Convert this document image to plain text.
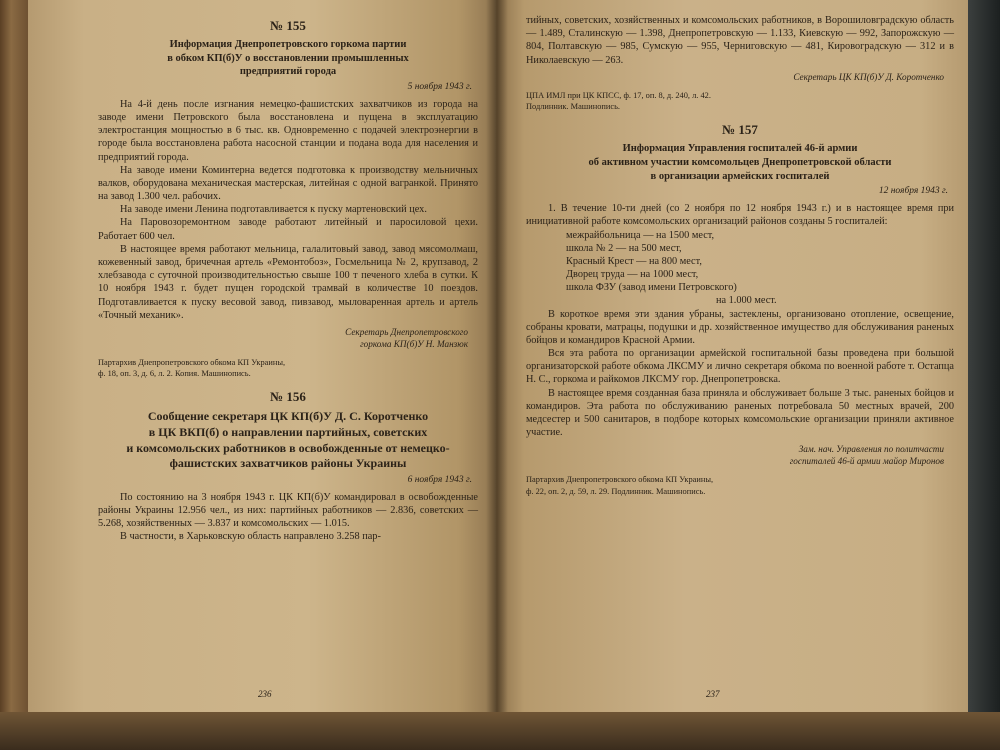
№ 155
Информация Днепропетровского горкома партии
в обком КП(б)У о восстановлении промышленных
предприятий города
5 ноября 1943 г.

На 4-й день после изгнания немецко-фашистских захватчиков из города на заводе имени Петровского была восстановлена и пущена в эксплуатацию электростанция мощностью в 6 тыс. кв. Одновременно с подачей электроэнергии в городе была восстановлена работа насосной станции и подана вода для населения и предприятий города.

На заводе имени Коминтерна ведется подготовка к производству мельничных валков, оборудована механическая мастерская, литейная с одной вагранкой. Принято на завод 1.300 чел. рабочих.

На заводе имени Ленина подготавливается к пуску мартеновский цех.

На Паровозоремонтном заводе работают литейный и паросиловой цехи. Работает 600 чел.

В настоящее время работают мельница, галалитовый завод, завод мясомолмаш, кожевенный завод, бричечная артель «Ремонтобоз», Госмельница № 2, крупзавод, 2 хлебзавода с суточной производительностью свыше 100 т печеного хлеба в сутки. К 10 ноября 1943 г. будет пущен городской трамвай в количестве 10 поездов. Подготавливается к пуску весовой завод, пивзавод, мыловаренная артель и артель «Точный механик».

Секретарь Днепропетровского
горкома КП(б)У Н. Манзюк
Партархив Днепропетровского обкома КП Украины,
ф. 18, оп. 3, д. 6, л. 2. Копия. Машинопись.
№ 156
Сообщение секретаря ЦК КП(б)У Д. С. Коротченко
в ЦК ВКП(б) о направлении партийных, советских
и комсомольских работников в освобожденные от немецко-
фашистских захватчиков районы Украины
6 ноября 1943 г.

По состоянию на 3 ноября 1943 г. ЦК КП(б)У командировал в освобожденные районы Украины 12.956 чел., из них: партийных работников — 2.836, советских — 5.268, хозяйственных — 3.837 и комсомольских — 1.015.

В частности, в Харьковскую область направлено 3.258 пар-

236

тийных, советских, хозяйственных и комсомольских работников, в Ворошиловградскую область — 1.489, Сталинскую — 1.398, Днепропетровскую — 1.133, Киевскую — 992, Запорожскую — 804, Полтавскую — 985, Сумскую — 955, Черниговскую — 481, Кировоградскую — 312 и в Николаевскую — 263.

Секретарь ЦК КП(б)У Д. Коротченко
ЦПА ИМЛ при ЦК КПСС, ф. 17, оп. 8, д. 240, л. 42.
Подлинник. Машинопись.
№ 157
Информация Управления госпиталей 46-й армии
об активном участии комсомольцев Днепропетровской области
в организации армейских госпиталей
12 ноября 1943 г.

1. В течение 10-ти дней (со 2 ноября по 12 ноября 1943 г.) и в настоящее время при инициативной работе комсомольских организаций районов созданы 5 госпиталей:

межрайбольница — на 1500 мест,
школа № 2 — на 500 мест,
Красный Крест — на 800 мест,
Дворец труда — на 1000 мест,
школа ФЗУ (завод имени Петровского)
на 1.000 мест.

В короткое время эти здания убраны, застеклены, организовано отопление, освещение, собраны кровати, матрацы, подушки и др. хозяйственное имущество для обслуживания раненых бойцов и командиров Красной Армии.

Вся эта работа по организации армейской госпитальной базы проведена при большой организаторской работе обкома ЛКСМУ и лично секретаря обкома по военной работе т. Остапца Н. С., горкома и райкомов ЛКСМУ гор. Днепропетровска.

В настоящее время созданная база приняла и обслуживает больше 3 тыс. раненых бойцов и командиров. Эта работа по обслуживанию раненых потребовала 50 местных врачей, 200 медсестер и 500 санитаров, в подборе которых комсомольские организации приняли активное участие.

Зам. нач. Управления по политчасти
госпиталей 46-й армии майор Миронов
Партархив Днепропетровского обкома КП Украины,
ф. 22, оп. 2, д. 59, л. 29. Подлинник. Машинопись.
237
